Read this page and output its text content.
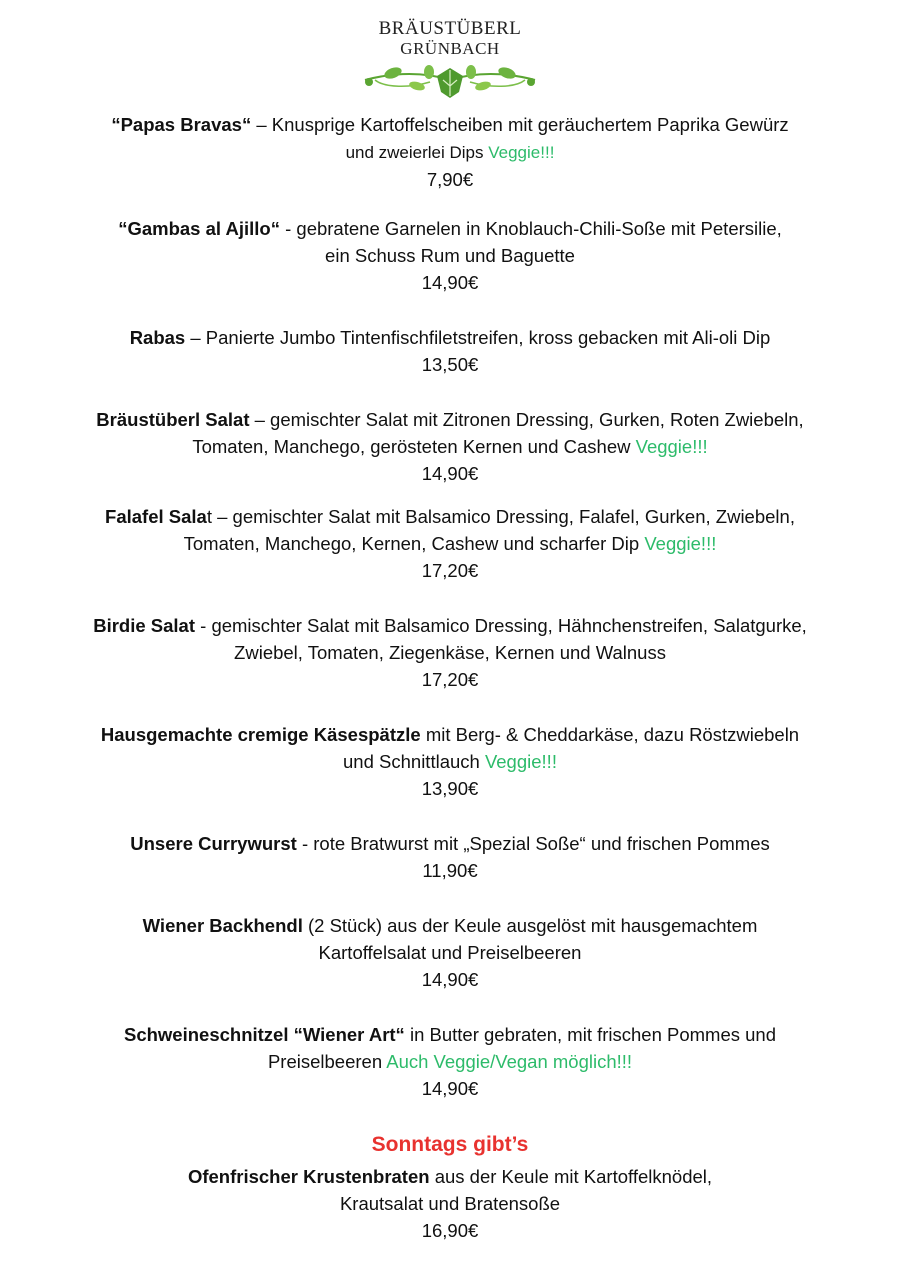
BRÄUSTÜBERL
GRÜNBACH
“Papas Bravas“ – Knusprige Kartoffelscheiben mit geräuchertem Paprika Gewürz
und zweierlei Dips Veggie!!!
7,90€
“Gambas al Ajillo“ - gebratene Garnelen in Knoblauch-Chili-Soße mit Petersilie,
ein Schuss Rum und Baguette
14,90€
Rabas – Panierte Jumbo Tintenfischfiletstreifen, kross gebacken mit Ali-oli Dip
13,50€
Bräustüberl Salat – gemischter Salat mit Zitronen Dressing, Gurken, Roten Zwiebeln,
Tomaten, Manchego, gerösteten Kernen und Cashew Veggie!!!
14,90€
Falafel Salat – gemischter Salat mit Balsamico Dressing, Falafel, Gurken, Zwiebeln,
Tomaten, Manchego, Kernen, Cashew und scharfer Dip Veggie!!!
17,20€
Birdie Salat - gemischter Salat mit Balsamico Dressing, Hähnchenstreifen, Salatgurke,
Zwiebel, Tomaten, Ziegenkäse, Kernen und Walnuss
17,20€
Hausgemachte cremige Käsespätzle mit Berg- & Cheddarkäse, dazu Röstzwiebeln
und Schnittlauch Veggie!!!
13,90€
Unsere Currywurst - rote Bratwurst mit „Spezial Soße“ und frischen Pommes
11,90€
Wiener Backhendl (2 Stück) aus der Keule ausgelöst mit hausgemachtem
Kartoffelsalat und Preiselbeeren
14,90€
Schweineschnitzel “Wiener Art“ in Butter gebraten, mit frischen Pommes und
Preiselbeeren Auch Veggie/Vegan möglich!!!
14,90€
Sonntags gibt’s
Ofenfrischer Krustenbraten aus der Keule mit Kartoffelknödel,
Krautsalat und Bratensoße
16,90€
